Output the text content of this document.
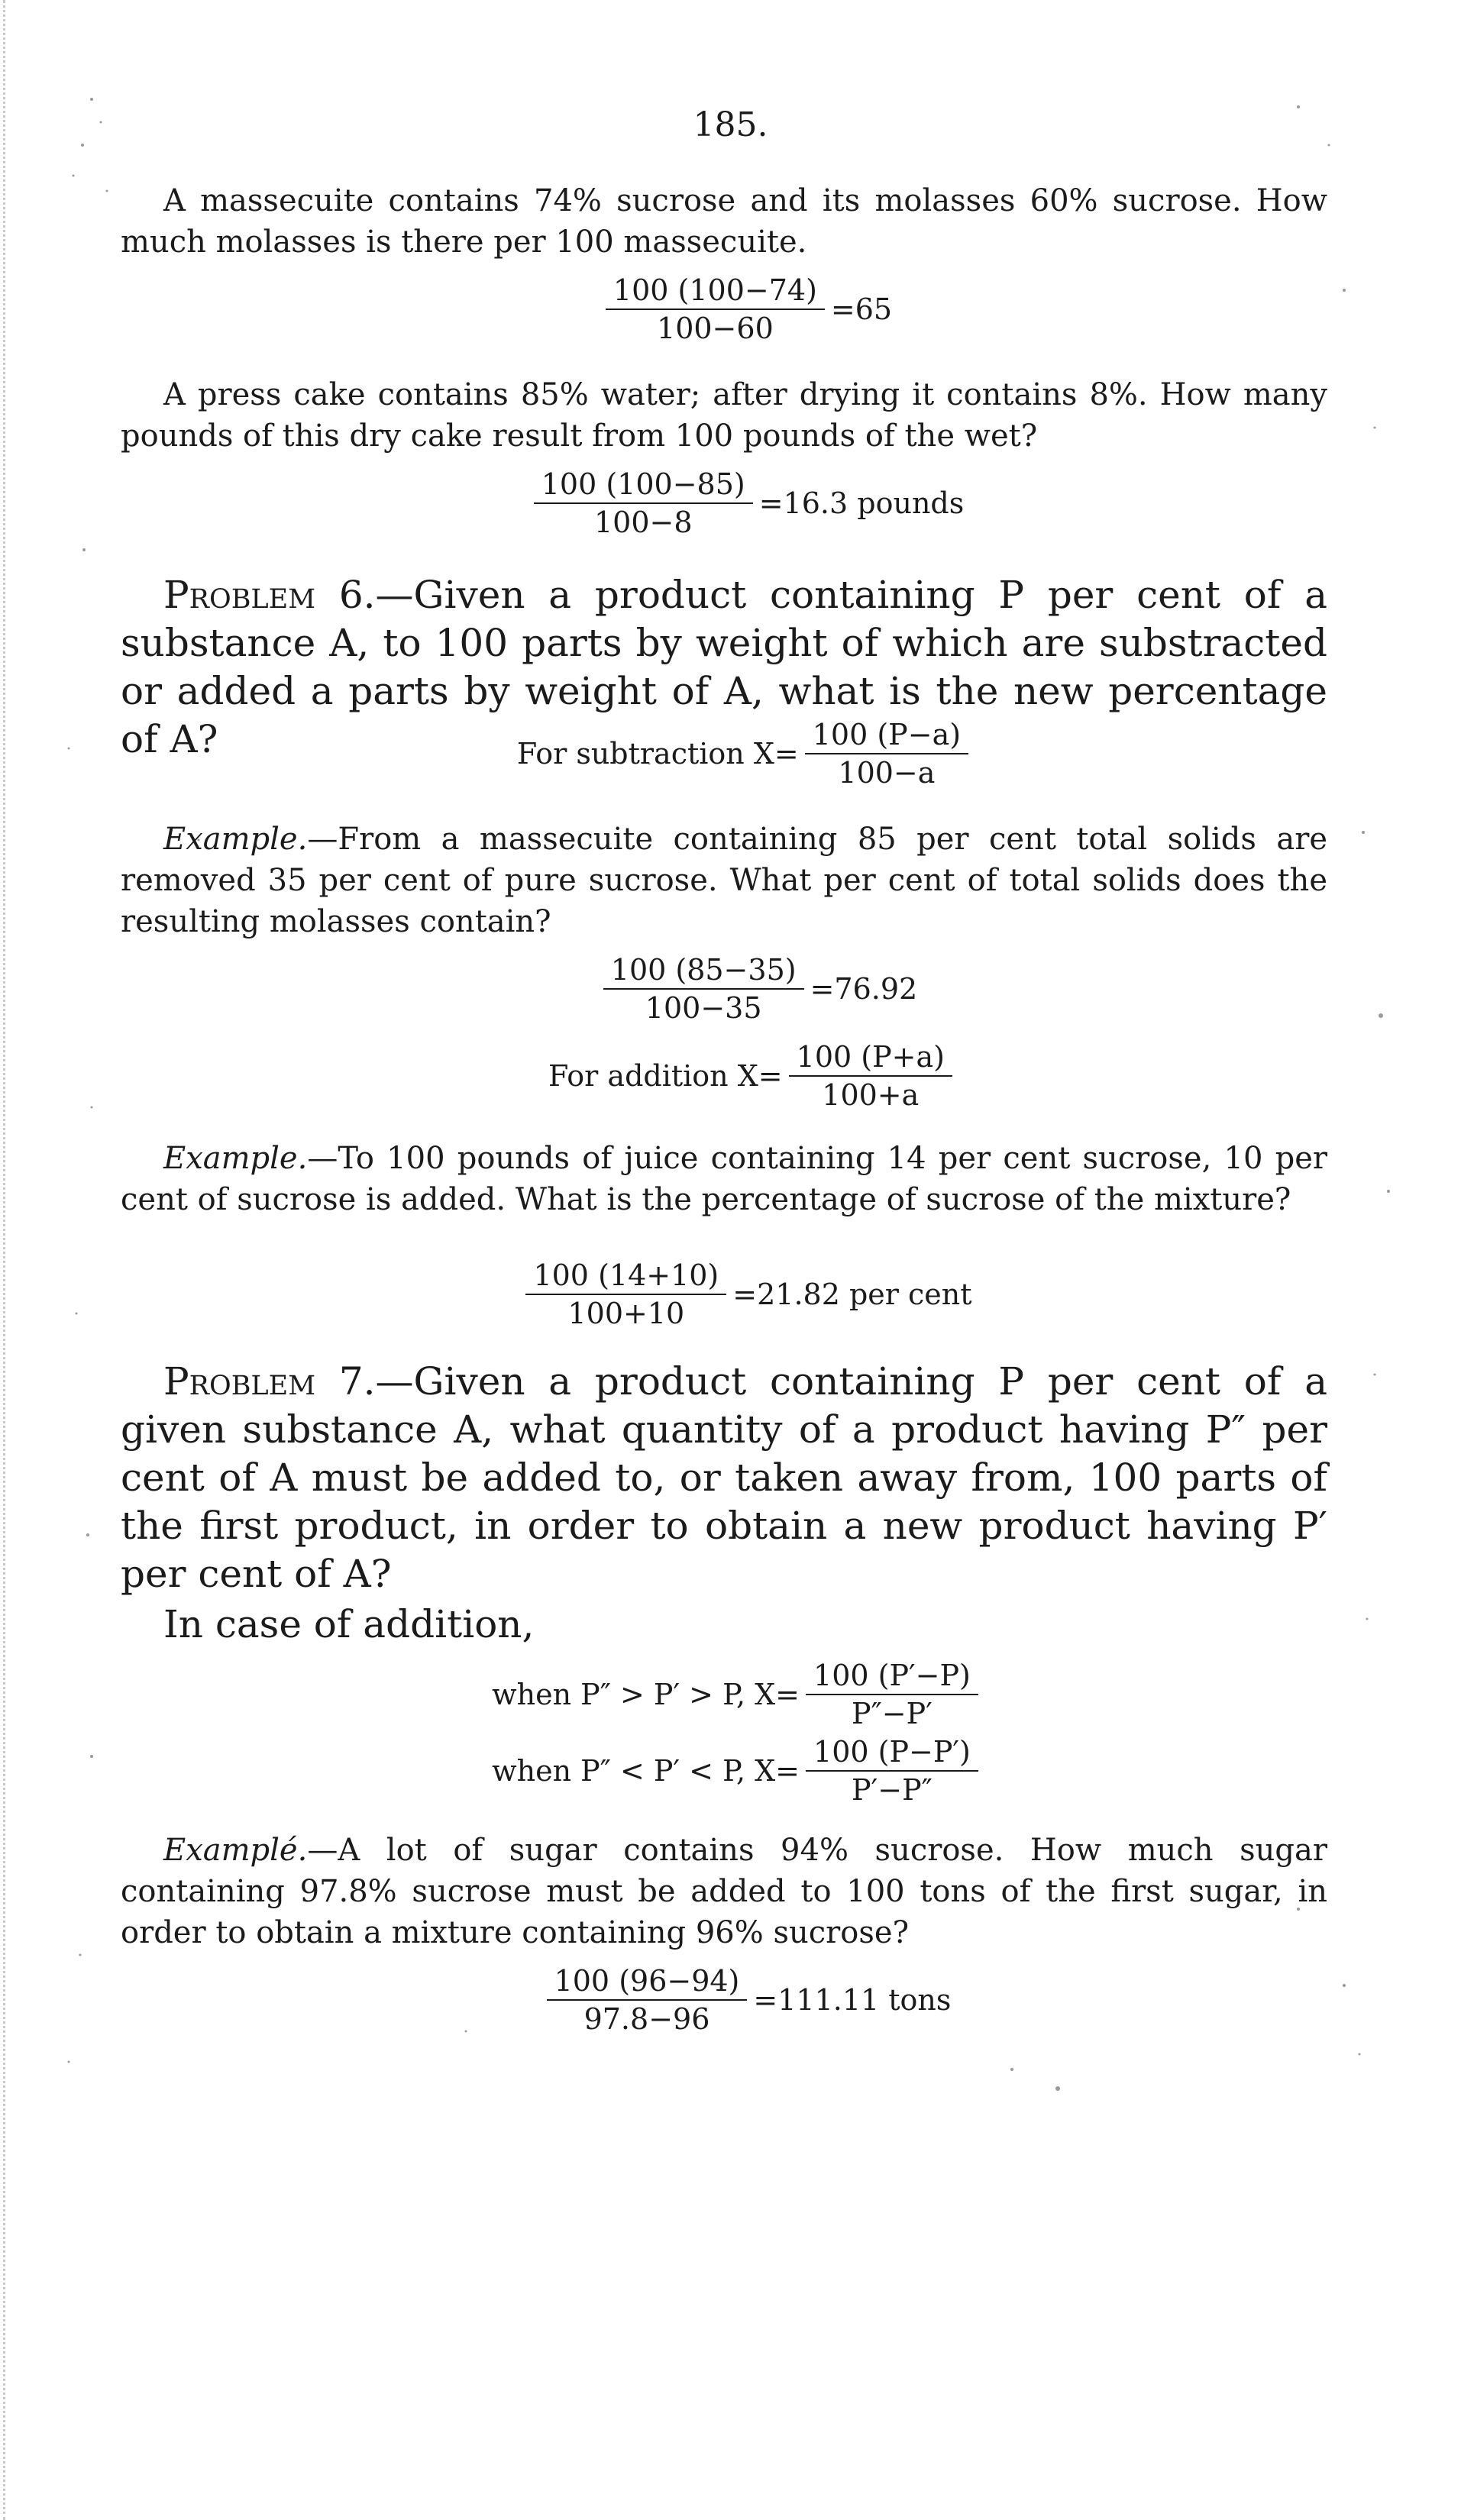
185.
A massecuite contains 74% sucrose and its molasses 60% sucrose. How much molasses is there per 100 massecuite.
$\frac{100 (100-74)}{100-60} =65$
A press cake contains 85% water; after drying it contains 8%. How many pounds of this dry cake result from 100 pounds of the wet?
$\frac{100 (100-85)}{100-8} =16.3$ pounds
Problem 6.—Given a product containing P per cent of a substance A, to 100 parts by weight of which are substracted or added a parts by weight of A, what is the new percentage of A?	For subtraction $X= \frac{100 (P-a)}{100-a}$
Example.—From a massecuite containing 85 per cent total solids are removed 35 per cent of pure sucrose. What per cent of total solids does the resulting molasses contain?
$\frac{100 (85-35)}{100-35} =76.92$
For addition $X= \frac{100 (P+a)}{100+a}$
Example.—To 100 pounds of juice containing 14 per cent sucrose, 10 per cent of sucrose is added. What is the percentage of sucrose of the mixture?
$\frac{100 (14+10)}{100+10} =21.82$ per cent
Problem 7.—Given a product containing P per cent of a given substance A, what quantity of a product having P″ per cent of A must be added to, or taken away from, 100 parts of the first product, in order to obtain a new product having P′ per cent of A?
In case of addition,
when P″ > P′ > P, $X= \frac{100 (P'-P)}{P''-P'}$
when P″ < P′ < P, $X= \frac{100 (P-P')}{P'-P''}$
Examplé.—A lot of sugar contains 94% sucrose. How much sugar containing 97.8% sucrose must be added to 100 tons of the first sugar, in order to obtain a mixture containing 96% sucrose?
$\frac{100 (96-94)}{97.8-96} =111.11$ tons
